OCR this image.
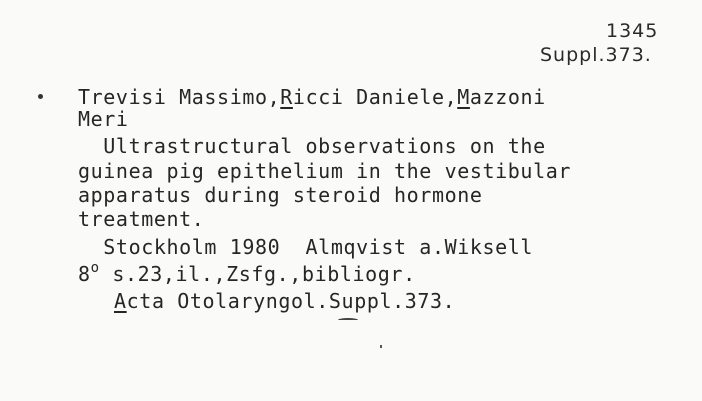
1345
Suppl.373.
Trevisi Massimo,Ricci Daniele,Mazzoni
Meri
Ultrastructural observations on the
guinea pig epithelium in the vestibular
apparatus during steroid hormone
treatment.
Stockholm 1980  Almqvist a.Wiksell
8$^o$ s.23,il.,Zsfg.,bibliogr.
Acta Otolaryngol.Suppl.373.
